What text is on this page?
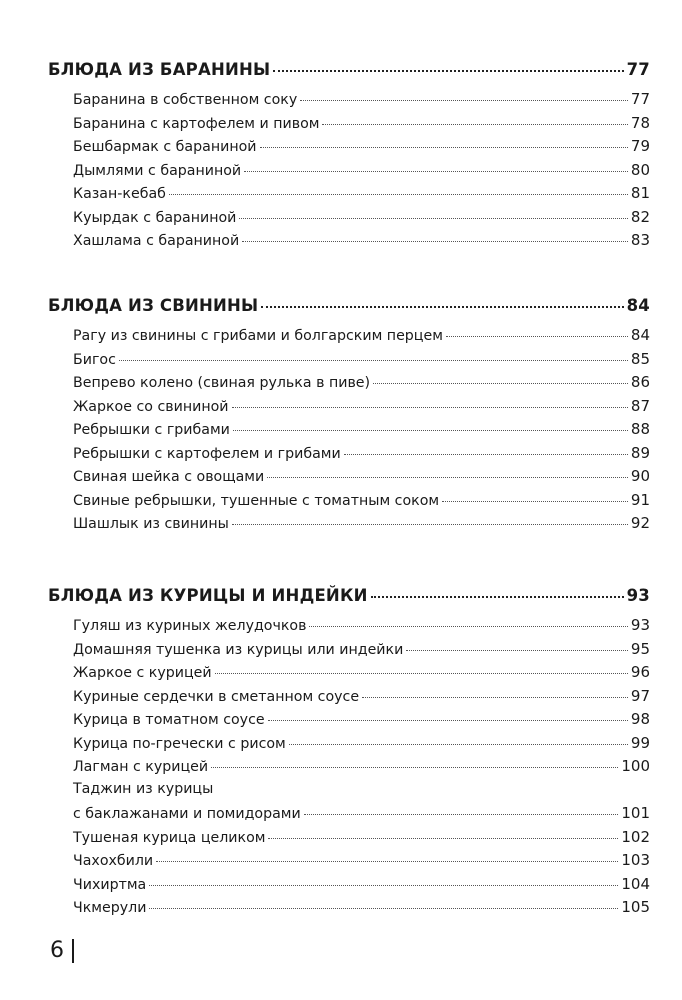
БЛЮДА ИЗ БАРАНИНЫ	77
Баранина в собственном соку	77
Баранина с картофелем и пивом	78
Бешбармак с бараниной	79
Дымлями с бараниной	80
Казан-кебаб	81
Куырдак с бараниной	82
Хашлама с бараниной	83
БЛЮДА ИЗ СВИНИНЫ	84
Рагу из свинины с грибами и болгарским перцем	84
Бигос	85
Вепрево колено (свиная рулька в пиве)	86
Жаркое со свининой	87
Ребрышки с грибами	88
Ребрышки с картофелем и грибами	89
Свиная шейка с овощами	90
Свиные ребрышки, тушенные с томатным соком	91
Шашлык из свинины	92
БЛЮДА ИЗ КУРИЦЫ И ИНДЕЙКИ	93
Гуляш из куриных желудочков	93
Домашняя тушенка из курицы или индейки	95
Жаркое с курицей	96
Куриные сердечки в сметанном соусе	97
Курица в томатном соусе	98
Курица по-гречески с рисом	99
Лагман с курицей	100
Таджин из курицы
с баклажанами и помидорами	101
Тушеная курица целиком	102
Чахохбили	103
Чихиртма	104
Чкмерули	105
6
